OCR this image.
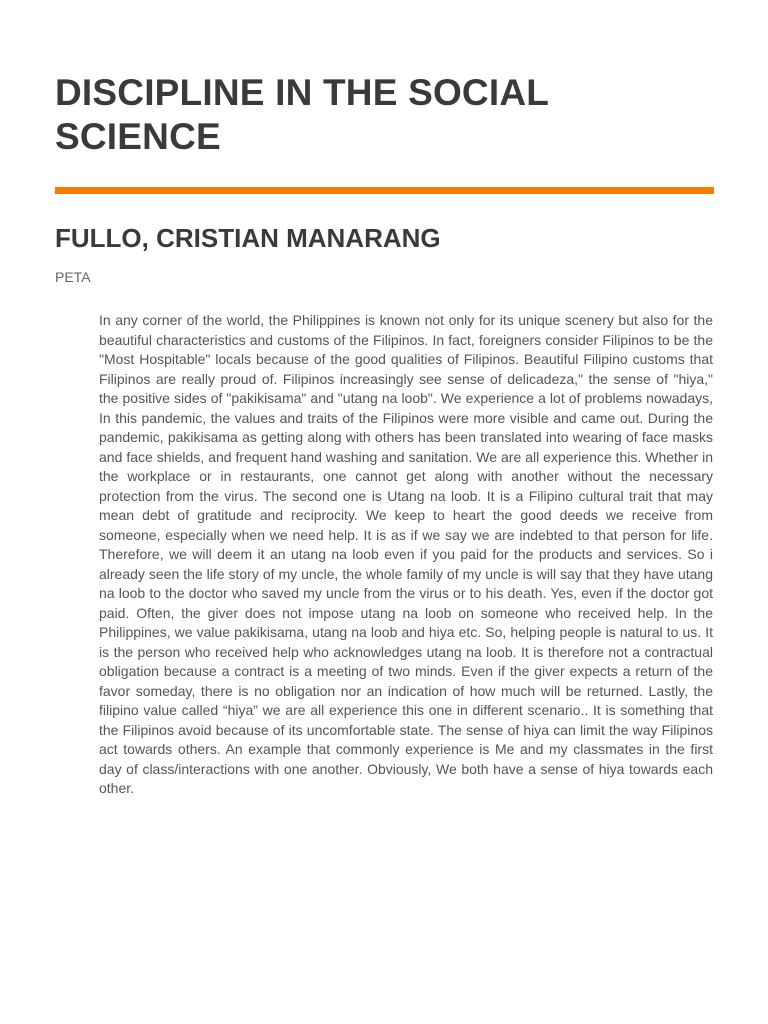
DISCIPLINE IN THE SOCIAL SCIENCE
FULLO, CRISTIAN MANARANG

PETA

In any corner of the world, the Philippines is known not only for its unique scenery but also for the beautiful characteristics and customs of the Filipinos. In fact, foreigners consider Filipinos to be the "Most Hospitable" locals because of the good qualities of Filipinos. Beautiful Filipino customs that Filipinos are really proud of. Filipinos increasingly see sense of delicadeza," the sense of "hiya," the positive sides of "pakikisama" and "utang na loob". We experience a lot of problems nowadays, In this pandemic, the values and traits of the Filipinos were more visible and came out. During the pandemic, pakikisama as getting along with others has been translated into wearing of face masks and face shields, and frequent hand washing and sanitation. We are all experience this. Whether in the workplace or in restaurants, one cannot get along with another without the necessary protection from the virus. The second one is Utang na loob. It is a Filipino cultural trait that may mean debt of gratitude and reciprocity. We keep to heart the good deeds we receive from someone, especially when we need help. It is as if we say we are indebted to that person for life. Therefore, we will deem it an utang na loob even if you paid for the products and services. So i already seen the life story of my uncle, the whole family of my uncle is will say that they have utang na loob to the doctor who saved my uncle from the virus or to his death. Yes, even if the doctor got paid. Often, the giver does not impose utang na loob on someone who received help. In the Philippines, we value pakikisama, utang na loob and hiya etc. So, helping people is natural to us. It is the person who received help who acknowledges utang na loob. It is therefore not a contractual obligation because a contract is a meeting of two minds. Even if the giver expects a return of the favor someday, there is no obligation nor an indication of how much will be returned. Lastly, the filipino value called “hiya” we are all experience this one in different scenario.. It is something that the Filipinos avoid because of its uncomfortable state. The sense of hiya can limit the way Filipinos act towards others. An example that commonly experience is Me and my classmates in the first day of class/interactions with one another. Obviously, We both have a sense of hiya towards each other.
